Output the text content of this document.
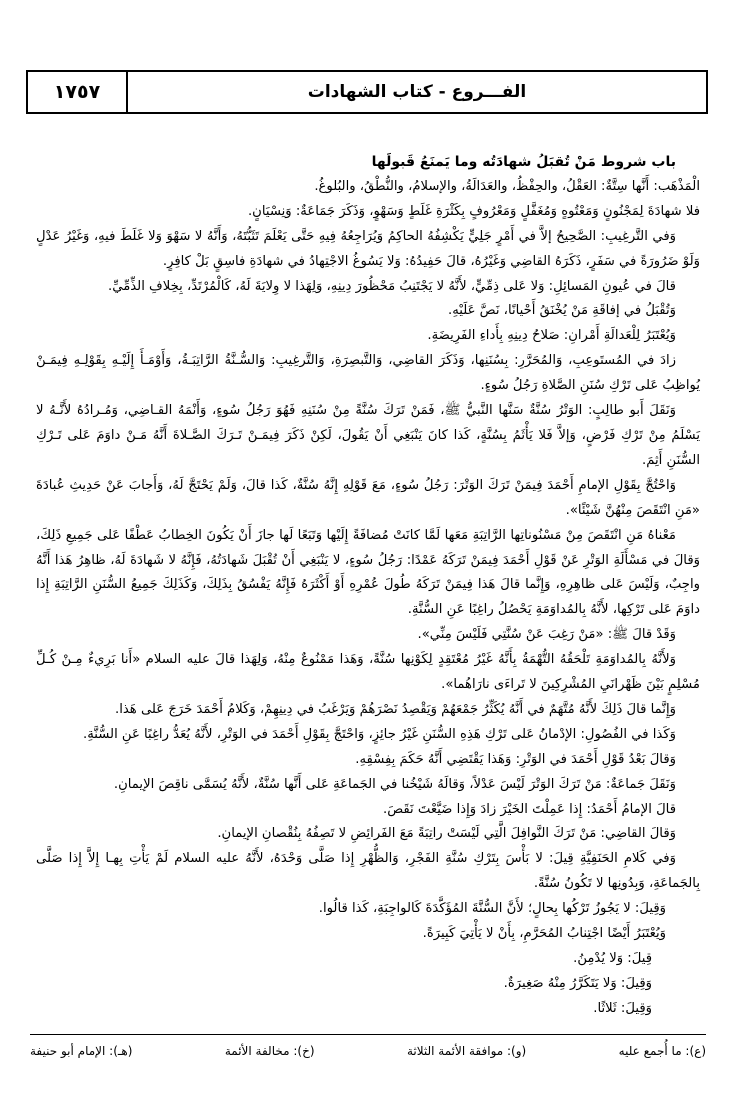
١٧٥٧	الفـــروع - كتاب الشهادات

باب شروط مَنْ تُقبَلُ شهادَتُه وما يَمنَعُ قَبولَها

الْمَذْهَب: أَنَّها سِتَّةٌ: العَقْلُ، والحِفْظُ، والعَدَالَةُ، والإسلامُ، والنُّطْقُ، والبُلوغُ.

فلا شهادَةَ لِمَجْنُونٍ وَمَعْتُوهٍ وَمُغَفَّلٍ وَمَعْرُوفٍ بِكَثْرَةِ غَلَطٍ وَسَهْوٍ، وَذَكَرَ جَمَاعَةٌ: وَنِسْيَانٍ.

وَفي التَّرغِيبِ: الصَّحِيحُ إلاَّ في أَمْرٍ جَلِيٍّ يَكْشِفُهُ الحاكِمُ وَيُرَاجِعُهُ فِيهِ حَتَّى يَعْلَمَ تَثَبُّتَهُ، وَأَنَّهُ لا سَهْوَ وَلا غَلَطَ فيهِ، وَغَيْرُ عَدْلٍ وَلَوْ ضَرُورَةً في سَفَرٍ، ذَكَرَهُ القاضِي وَغَيْرُهُ، قالَ حَفِيدُهُ: وَلا يَسُوغُ الاجْتِهادُ في شهادَةِ فاسِقٍ بَلْ كافِرٍ.

قالَ في عُيونِ المَسائِلِ: وَلا عَلى ذِمِّيٍّ، لأَنَّهُ لا يَجْتَنِبُ مَحْظُورَ دِينِهِ، وَلِهَذا لا وِلايَةَ لَهُ، كَالْمُرْتَدِّ، بِخِلافِ الذِّمِّيِّ.

وَتُقْبَلُ في إفاقَةِ مَنْ يُخْنَقُ أَحْيانًا، نَصَّ عَلَيْهِ.

وَيُعْتَبَرُ لِلْعَدالَةِ أَمْرانِ: صَلاحُ دِينِهِ بِأَداءِ الفَرِيضَةِ.

زادَ في المُستَوعِبِ، وَالمُحَرَّرِ: بِسُنَنِها، وَذَكَرَ القاضِي، وَالتَّبصِرَةِ، وَالتَّرغِيبِ: وَالسُّـنَّةُ الرَّاتِبَـةُ، وَأَوْمَـأَ إِلَيْـهِ بِقَوْلِـهِ فِيمَـنْ يُواظِبُ عَلى تَرْكِ سُنَنِ الصَّلاةِ رَجُلُ سُوءٍ.

وَنَقَلَ أَبو طالِبٍ: الوَتْرُ سُنَّةٌ سَنَّها النَّبيُّ ﷺ، فَمَنْ تَرَكَ سُنَّةً مِنْ سُنَنِهِ فَهُوَ رَجُلُ سُوءٍ، وَأَنْمَهُ القـاضِي، وَمُـرادُهُ لأَنَّـهُ لا يَسْلَمُ مِنْ تَرْكِ فَرْضٍ، وَإلاَّ فَلا يَأْثَمُ بِسُنَّةٍ، كَذا كانَ يَنْبَغِي أَنْ يَقُولَ، لَكِنْ ذَكَرَ فِيمَـنْ تَـرَكَ الصَّـلاةَ أَنَّهُ مَـنْ داوَمَ عَلى تَـرْكِ السُّنَنِ أَثِمَ.

وَاحْتُجَّ بِقَوْلِ الإمامِ أَحْمَدَ فِيمَنْ تَرَكَ الوَتْرَ: رَجُلُ سُوءٍ، مَعَ قَوْلِهِ إِنَّهُ سُنَّةٌ، كَذا قالَ، وَلَمْ يَحْتَجَّ لَهُ، وَأَجابَ عَنْ حَدِيثِ عُبادَةَ «مَنِ انْتَقَصَ مِنْهُنَّ شَيْئًا».

مَعْناهُ مَنِ انْتَقَصَ مِنْ مَسْنُوناتِها الرَّاتِبَةِ مَعَها لَمَّا كانَتْ مُضافَةً إِلَيْها وَتَبَعًا لَها جازَ أَنْ يَكُونَ الخِطابُ عَطْفًا عَلى جَمِيعِ ذَلِكَ، وَقالَ في مَسْأَلَةِ الوَتْرِ عَنْ قَوْلِ أَحْمَدَ فِيمَنْ تَرَكَهُ عَمْدًا: رَجُلُ سُوءٍ، لا يَنْبَغِي أَنْ تُقْبَلَ شَهادَتُهُ، فَإِنَّهُ لا شَهادَةَ لَهُ، ظاهِرُ هَذا أَنَّهُ واجِبٌ، وَلَيْسَ عَلى ظاهِرِهِ، وَإِنَّما قالَ هَذا فِيمَنْ تَرَكَهُ طُولَ عُمْرِهِ أَوْ أَكْثَرَهُ فَإِنَّهُ يَفْسُقُ بِذَلِكَ، وَكَذَلِكَ جَمِيعُ السُّنَنِ الرَّاتِبَةِ إِذا داوَمَ عَلى تَرْكِها، لأَنَّهُ بِالمُداوَمَةِ يَحْصُلُ راغِبًا عَنِ السُّنَّةِ.

وَقَدْ قالَ ﷺ: «مَنْ رَغِبَ عَنْ سُنَّتِي فَلَيْسَ مِنِّي».

وَلأَنَّهُ بِالمُداوَمَةِ تَلْحَقُهُ التُّهْمَةُ بِأَنَّهُ غَيْرُ مُعْتَقِدٍ لِكَوْنِها سُنَّةً، وَهَذا مَمْنُوعٌ مِنْهُ، وَلِهَذا قالَ عليه السلام «أَنا بَرِيءٌ مِـنْ كُـلِّ مُسْلِمٍ بَيْنَ ظَهْرانَيِ المُشْرِكِينَ لا تَراءَى نارَاهُما».

وَإِنَّما قالَ ذَلِكَ لأَنَّهُ مُتَّهَمٌ في أَنَّهُ يُكَثِّرُ جَمْعَهُمْ وَيَقْصِدُ نَصْرَهُمْ وَيَرْغَبُ في دِينِهِمْ، وَكَلامُ أَحْمَدَ خَرَجَ عَلى هَذا.

وَكَذا في الفُصُولِ: الإدْمانُ عَلى تَرْكِ هَذِهِ السُّنَنِ غَيْرُ جائِزٍ، وَاحْتَجَّ بِقَوْلِ أَحْمَدَ في الوَتْرِ، لأَنَّهُ يُعَدُّ راغِبًا عَنِ السُّنَّةِ.

وَقالَ بَعْدُ قَوْلِ أَحْمَدَ في الوَتْرِ: وَهَذا يَقْتَضِي أَنَّهُ حَكَمَ بِفِسْقِهِ.

وَنَقَلَ جَماعَةٌ: مَنْ تَرَكَ الوَتْرَ لَيْسَ عَدْلاً، وَقالَهُ شَيْخُنا في الجَماعَةِ عَلى أَنَّها سُنَّةٌ، لأَنَّهُ يُسَمَّى ناقِصَ الإيمانِ.

قالَ الإمامُ أَحْمَدُ: إِذا عَمِلْتَ الخَيْرَ زادَ وَإِذا ضَيَّعْتَ نَقَصَ.

وَقالَ القاضِي: مَنْ تَرَكَ النَّوافِلَ الَّتِي لَيْسَتْ راتِبَةً مَعَ الفَرائِضِ لا تَصِفُهُ بِنُقْصانِ الإيمانِ.

وَفي كَلامِ الحَنَفِيَّةِ قِيلَ: لا بَأْسَ بِتَرْكِ سُنَّةِ الفَجْرِ، وَالظُّهْرِ إِذا صَلَّى وَحْدَهُ، لأَنَّهُ عليه السلام لَمْ يَأْتِ بِهـا إِلاَّ إِذا صَلَّى بِالجَماعَةِ، وَبِدُونِها لا تَكُونُ سُنَّةً.

وَقِيلَ: لا يَجُوزُ تَرْكُها بِحالٍ؛ لأَنَّ السُّنَّةَ المُؤَكَّدَةَ كَالواجِبَةِ، كَذا قالُوا.

وَيُعْتَبَرُ أَيْضًا اجْتِنابُ المُحَرَّمِ، بِأَنْ لا يَأْتِيَ كَبِيرَةً.

قِيلَ: وَلا يُدْمِنُ.

وَقِيلَ: وَلا يَتَكَرَّرُ مِنْهُ صَغِيرَةٌ.

وَقِيلَ: ثَلاثًا.

(ع): ما أُجمع عليه
(و): موافقة الأئمة الثلاثة
(خ): مخالفة الأئمة
(هـ): الإمام أبو حنيفة
